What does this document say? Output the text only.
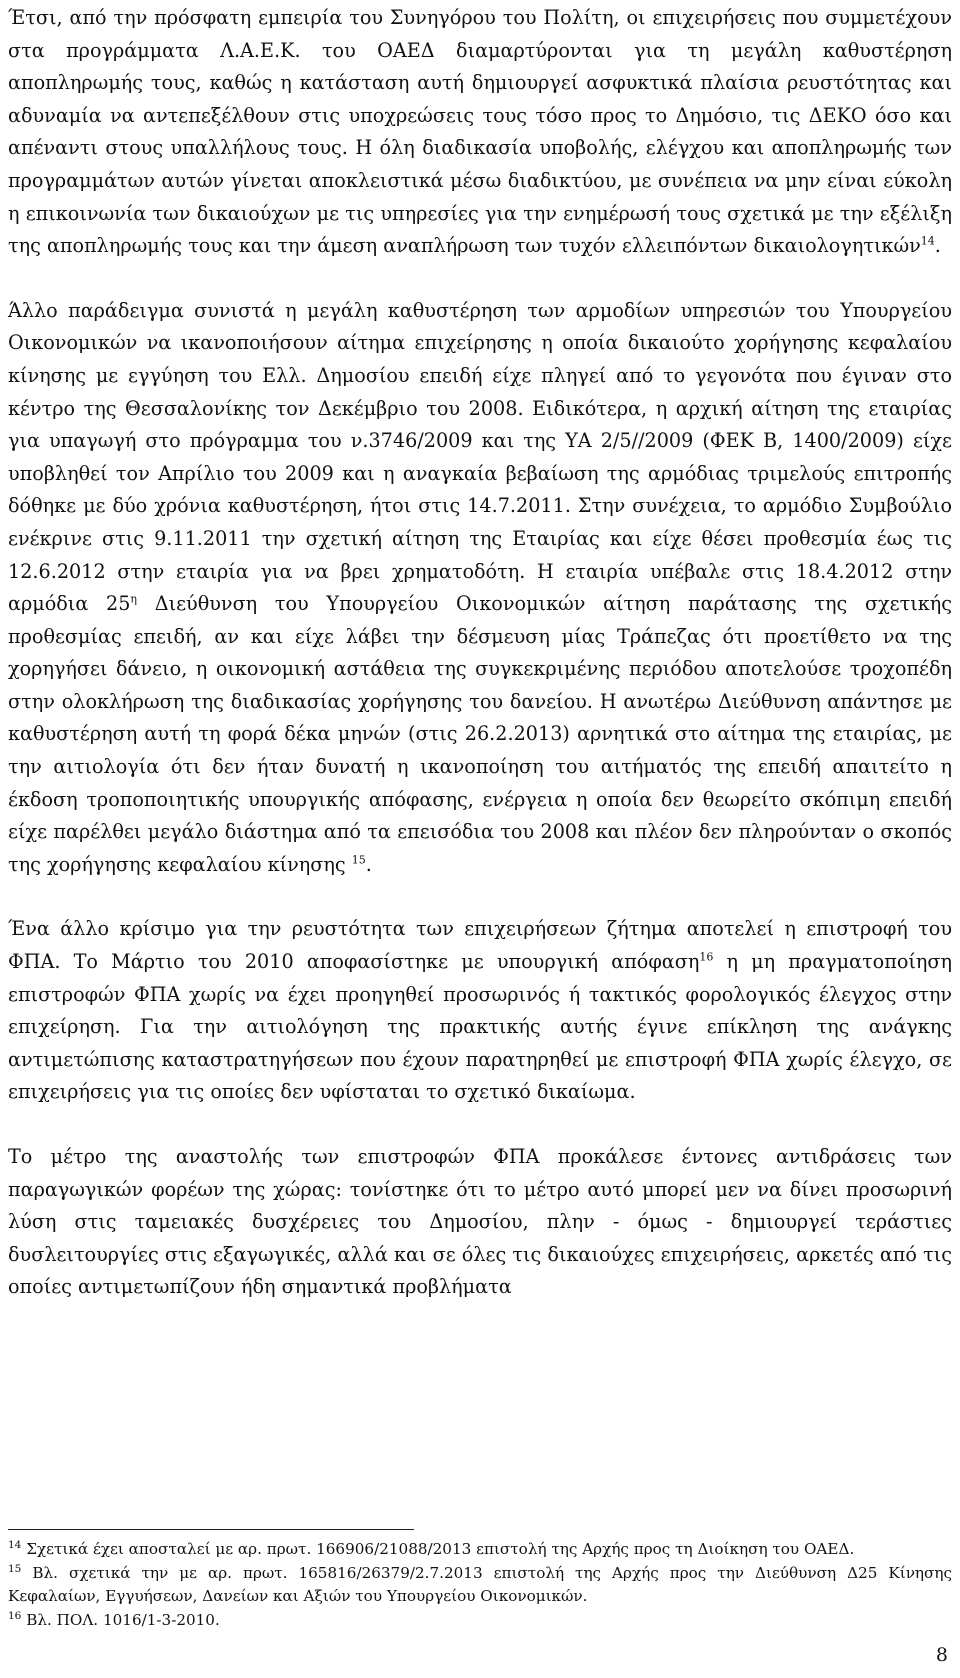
Έτσι, από την πρόσφατη εμπειρία του Συνηγόρου του Πολίτη, οι επιχειρήσεις που συμμετέχουν στα προγράμματα Λ.Α.Ε.Κ. του ΟΑΕΔ διαμαρτύρονται για τη μεγάλη καθυστέρηση αποπληρωμής τους, καθώς η κατάσταση αυτή δημιουργεί ασφυκτικά πλαίσια ρευστότητας και αδυναμία να αντεπεξέλθουν στις υποχρεώσεις τους τόσο προς το Δημόσιο, τις ΔΕΚΟ όσο και απέναντι στους υπαλλήλους τους. Η όλη διαδικασία υποβολής, ελέγχου και αποπληρωμής των προγραμμάτων αυτών γίνεται αποκλειστικά μέσω διαδικτύου, με συνέπεια να μην είναι εύκολη η επικοινωνία των δικαιούχων με τις υπηρεσίες για την ενημέρωσή τους σχετικά με την εξέλιξη της αποπληρωμής τους και την άμεση αναπλήρωση των τυχόν ελλειπόντων δικαιολογητικών$^{14}$.

Άλλο παράδειγμα συνιστά η μεγάλη καθυστέρηση των αρμοδίων υπηρεσιών του Υπουργείου Οικονομικών να ικανοποιήσουν αίτημα επιχείρησης η οποία δικαιούτο χορήγησης κεφαλαίου κίνησης με εγγύηση του Ελλ. Δημοσίου επειδή είχε πληγεί από το γεγονότα που έγιναν στο κέντρο της Θεσσαλονίκης τον Δεκέμβριο του 2008. Ειδικότερα, η αρχική αίτηση της εταιρίας για υπαγωγή στο πρόγραμμα του ν.3746/2009 και της ΥΑ 2/5//2009 (ΦΕΚ Β, 1400/2009) είχε υποβληθεί τον Απρίλιο του 2009 και η αναγκαία βεβαίωση της αρμόδιας τριμελούς επιτροπής δόθηκε με δύο χρόνια καθυστέρηση, ήτοι στις 14.7.2011. Στην συνέχεια, το αρμόδιο Συμβούλιο ενέκρινε στις 9.11.2011 την σχετική αίτηση της Εταιρίας και είχε θέσει προθεσμία έως τις 12.6.2012 στην εταιρία για να βρει χρηματοδότη. Η εταιρία υπέβαλε στις 18.4.2012 στην αρμόδια $25^\eta$ Διεύθυνση του Υπουργείου Οικονομικών αίτηση παράτασης της σχετικής προθεσμίας επειδή, αν και είχε λάβει την δέσμευση μίας Τράπεζας ότι προετίθετο να της χορηγήσει δάνειο, η οικονομική αστάθεια της συγκεκριμένης περιόδου αποτελούσε τροχοπέδη στην ολοκλήρωση της διαδικασίας χορήγησης του δανείου. Η ανωτέρω Διεύθυνση απάντησε με καθυστέρηση αυτή τη φορά δέκα μηνών (στις 26.2.2013) αρνητικά στο αίτημα της εταιρίας, με την αιτιολογία ότι δεν ήταν δυνατή η ικανοποίηση του αιτήματός της επειδή απαιτείτο η έκδοση τροποποιητικής υπουργικής απόφασης, ενέργεια η οποία δεν θεωρείτο σκόπιμη επειδή είχε παρέλθει μεγάλο διάστημα από τα επεισόδια του 2008 και πλέον δεν πληρούνταν ο σκοπός της χορήγησης κεφαλαίου κίνησης $^{15}$.

Ένα άλλο κρίσιμο για την ρευστότητα των επιχειρήσεων ζήτημα αποτελεί η επιστροφή του ΦΠΑ. Το Μάρτιο του 2010 αποφασίστηκε με υπουργική απόφαση$^{16}$ η μη πραγματοποίηση επιστροφών ΦΠΑ χωρίς να έχει προηγηθεί προσωρινός ή τακτικός φορολογικός έλεγχος στην επιχείρηση. Για την αιτιολόγηση της πρακτικής αυτής έγινε επίκληση της ανάγκης αντιμετώπισης καταστρατηγήσεων που έχουν παρατηρηθεί με επιστροφή ΦΠΑ χωρίς έλεγχο, σε επιχειρήσεις για τις οποίες δεν υφίσταται το σχετικό δικαίωμα.

Το μέτρο της αναστολής των επιστροφών ΦΠΑ προκάλεσε έντονες αντιδράσεις των παραγωγικών φορέων της χώρας: τονίστηκε ότι το μέτρο αυτό μπορεί μεν να δίνει προσωρινή λύση στις ταμειακές δυσχέρειες του Δημοσίου, πλην - όμως - δημιουργεί τεράστιες δυσλειτουργίες στις εξαγωγικές, αλλά και σε όλες τις δικαιούχες επιχειρήσεις, αρκετές από τις οποίες αντιμετωπίζουν ήδη σημαντικά προβλήματα

$^{14}$ Σχετικά έχει αποσταλεί με αρ. πρωτ. 166906/21088/2013 επιστολή της Αρχής προς τη Διοίκηση του ΟΑΕΔ.

$^{15}$ Βλ. σχετικά την με αρ. πρωτ. 165816/26379/2.7.2013 επιστολή της Αρχής προς την Διεύθυνση Δ25 Κίνησης Κεφαλαίων, Εγγυήσεων, Δανείων και Αξιών του Υπουργείου Οικονομικών.

$^{16}$ Βλ. ΠΟΛ. 1016/1-3-2010.

8
